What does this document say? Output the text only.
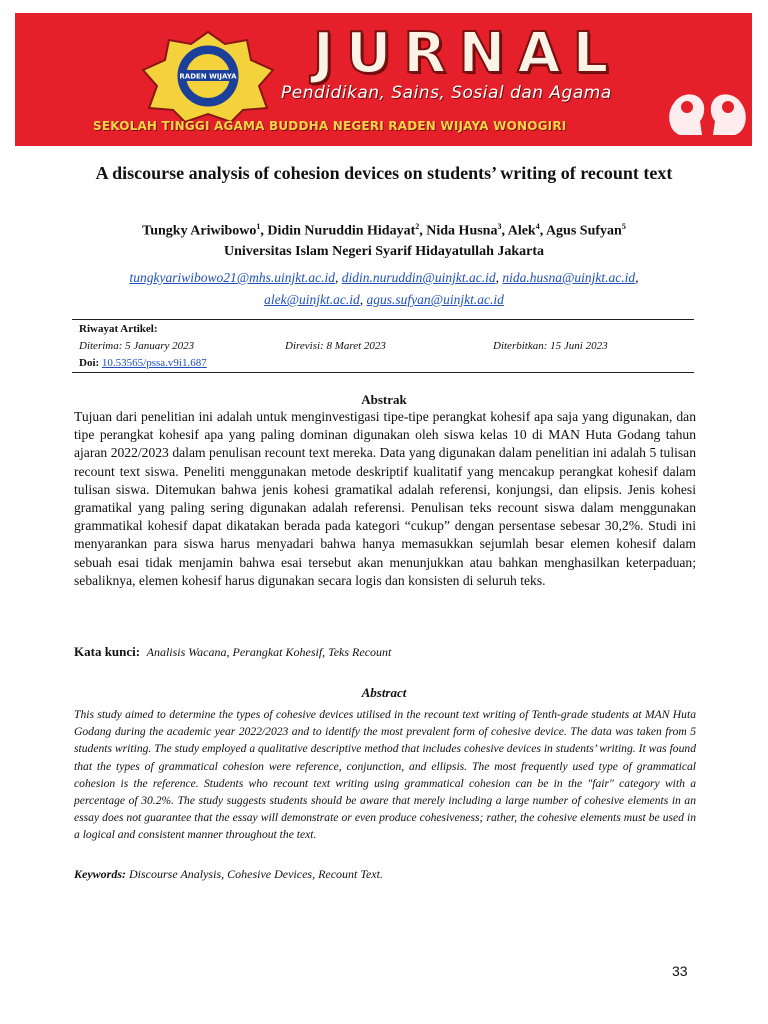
RADEN WIJAYA JURNAL
Pendidikan, Sains, Sosial dan Agama
SEKOLAH TINGGI AGAMA BUDDHA NEGERI RADEN WIJAYA WONOGIRI
A discourse analysis of cohesion devices on students’ writing of recount text
Tungky Ariwibowo$^1$, Didin Nuruddin Hidayat$^2$, Nida Husna$^3$, Alek$^4$, Agus Sufyan$^5$
Universitas Islam Negeri Syarif Hidayatullah Jakarta
tungkyariwibowo21@mhs.uinjkt.ac.id, didin.nuruddin@uinjkt.ac.id, nida.husna@uinjkt.ac.id,
alek@uinjkt.ac.id, agus.sufyan@uinjkt.ac.id
Riwayat Artikel:
Diterima: 5 January 2023	Direvisi: 8 Maret 2023	Diterbitkan: 15 Juni 2023
Doi: 10.53565/pssa.v9i1.687
Abstrak
Tujuan dari penelitian ini adalah untuk menginvestigasi tipe-tipe perangkat kohesif apa saja yang digunakan, dan tipe perangkat kohesif apa yang paling dominan digunakan oleh siswa kelas 10 di MAN Huta Godang tahun ajaran 2022/2023 dalam penulisan recount text mereka. Data yang digunakan dalam penelitian ini adalah 5 tulisan recount text siswa. Peneliti menggunakan metode deskriptif kualitatif yang mencakup perangkat kohesif dalam tulisan siswa. Ditemukan bahwa jenis kohesi gramatikal adalah referensi, konjungsi, dan elipsis. Jenis kohesi gramatikal yang paling sering digunakan adalah referensi. Penulisan teks recount siswa dalam menggunakan grammatikal kohesif dapat dikatakan berada pada kategori “cukup” dengan persentase sebesar 30,2%. Studi ini menyarankan para siswa harus menyadari bahwa hanya memasukkan sejumlah besar elemen kohesif dalam sebuah esai tidak menjamin bahwa esai tersebut akan menunjukkan atau bahkan menghasilkan keterpaduan; sebaliknya, elemen kohesif harus digunakan secara logis dan konsisten di seluruh teks.
Kata kunci: Analisis Wacana, Perangkat Kohesif, Teks Recount
Abstract
This study aimed to determine the types of cohesive devices utilised in the recount text writing of Tenth-grade students at MAN Huta Godang during the academic year 2022/2023 and to identify the most prevalent form of cohesive device. The data was taken from 5 students writing. The study employed a qualitative descriptive method that includes cohesive devices in students’ writing. It was found that the types of grammatical cohesion were reference, conjunction, and ellipsis. The most frequently used type of grammatical cohesion is the reference. Students who recount text writing using grammatical cohesion can be in the "fair" category with a percentage of 30.2%. The study suggests students should be aware that merely including a large number of cohesive elements in an essay does not guarantee that the essay will demonstrate or even produce cohesiveness; rather, the cohesive elements must be used in a logical and consistent manner throughout the text.
Keywords: Discourse Analysis, Cohesive Devices, Recount Text.
33
